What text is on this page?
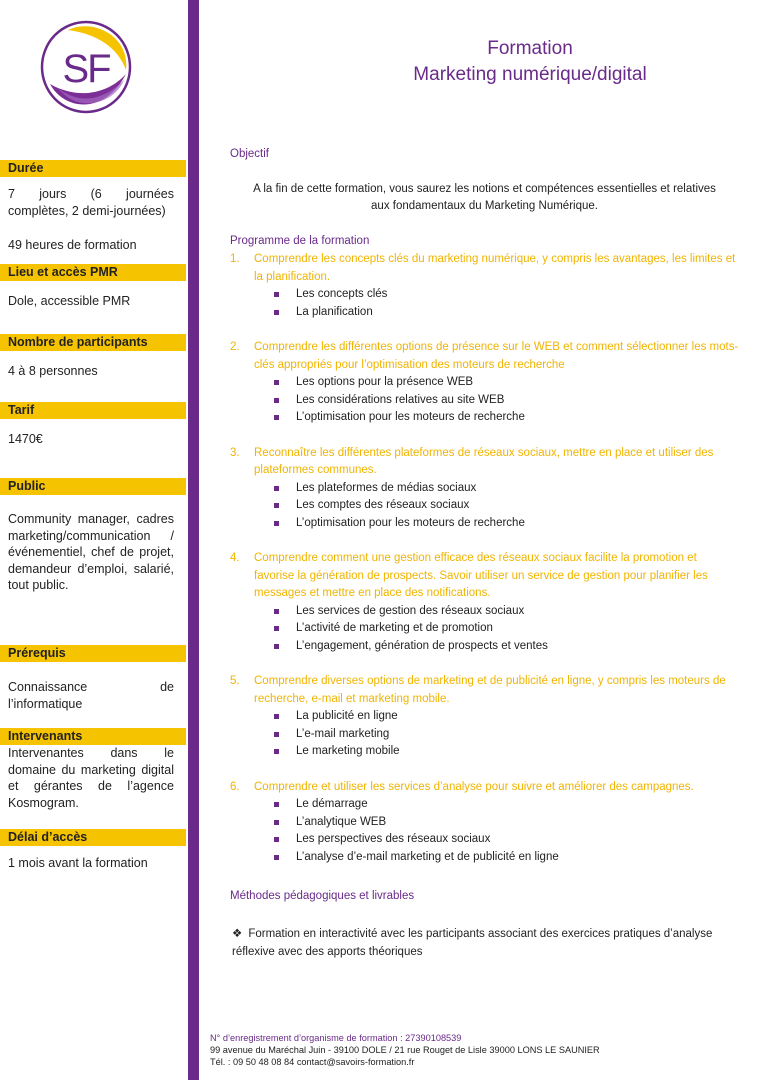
SF	Formation
Marketing numérique/digital
Durée
7 jours (6 journées complètes, 2 demi-journées)
49 heures de formation
Lieu et accès PMR
Dole, accessible PMR
Nombre de participants
4 à 8 personnes
Tarif
1470€
Public
Community manager, cadres marketing/communication /événementiel, chef de projet, demandeur d’emploi, salarié, tout public.
Prérequis
Connaissance de l’informatique
Intervenants
Intervenantes dans le domaine du marketing digital et gérantes de l’agence Kosmogram.
Délai d’accès
1 mois avant la formation
Objectif
A la fin de cette formation, vous saurez les notions et compétences essentielles et relatives
aux fondamentaux du Marketing Numérique.
Programme de la formation
1.	Comprendre les concepts clés du marketing numérique, y compris les avantages, les limites et la planification.
Les concepts clés
La planification
2.	Comprendre les différentes options de présence sur le WEB et comment sélectionner les mots-clés appropriés pour l’optimisation des moteurs de recherche
Les options pour la présence WEB
Les considérations relatives au site WEB
L’optimisation pour les moteurs de recherche
3.	Reconnaître les différentes plateformes de réseaux sociaux, mettre en place et utiliser des plateformes communes.
Les plateformes de médias sociaux
Les comptes des réseaux sociaux
L’optimisation pour les moteurs de recherche
4.	Comprendre comment une gestion efficace des réseaux sociaux facilite la promotion et favorise la génération de prospects. Savoir utiliser un service de gestion pour planifier les messages et mettre en place des notifications.
Les services de gestion des réseaux sociaux
L’activité de marketing et de promotion
L’engagement, génération de prospects et ventes
5.	Comprendre diverses options de marketing et de publicité en ligne, y compris les moteurs de recherche, e-mail et marketing mobile.
La publicité en ligne
L’e-mail marketing
Le marketing mobile
6.	Comprendre et utiliser les services d’analyse pour suivre et améliorer des campagnes.
Le démarrage
L’analytique WEB
Les perspectives des réseaux sociaux
L’analyse d’e-mail marketing et de publicité en ligne
Méthodes pédagogiques et livrables
❖ Formation en interactivité avec les participants associant des exercices pratiques d’analyse réflexive avec des apports théoriques
N° d’enregistrement d’organisme de formation : 27390108539
99 avenue du Maréchal Juin - 39100 DOLE / 21 rue Rouget de Lisle 39000 LONS LE SAUNIER
Tél. : 09 50 48 08 84 contact@savoirs-formation.fr
